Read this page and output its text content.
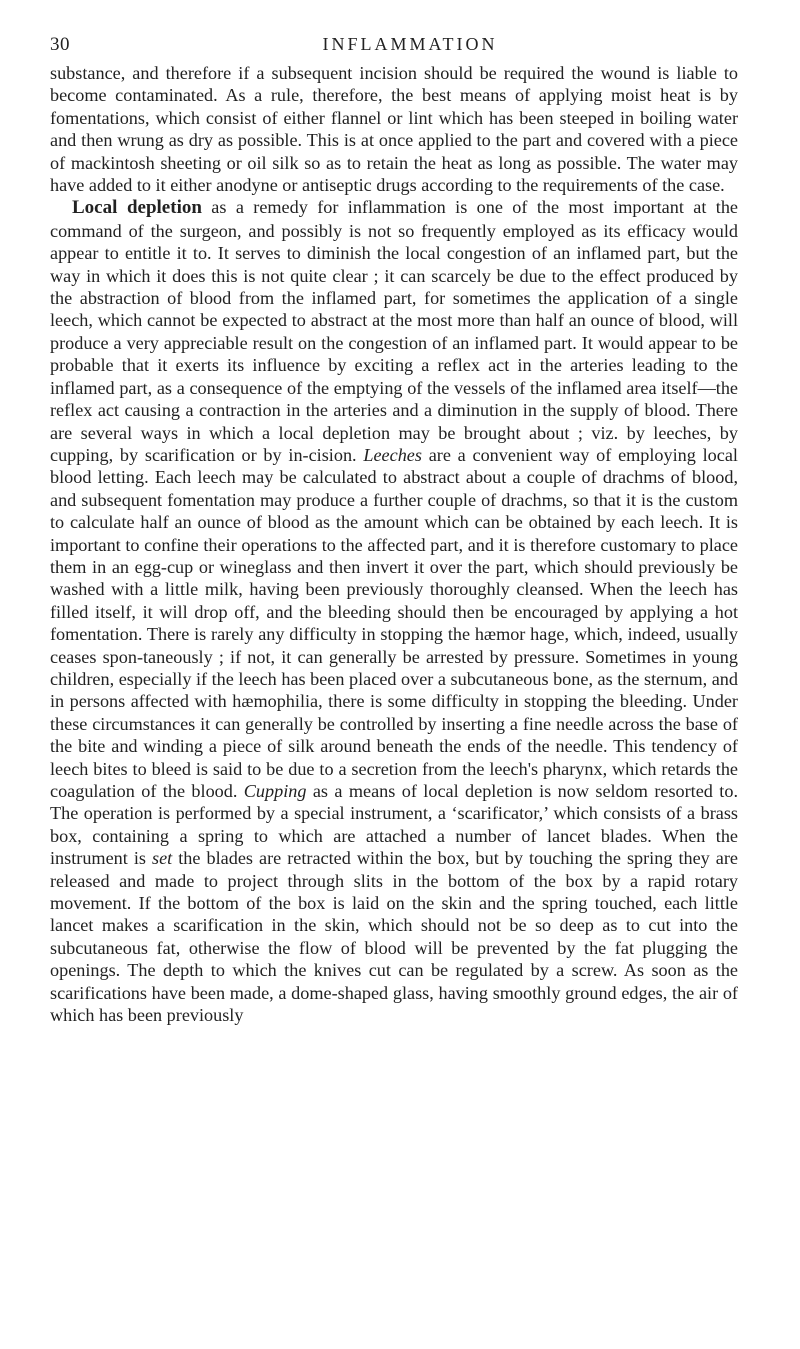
30	INFLAMMATION

substance, and therefore if a subsequent incision should be required the wound is liable to become contaminated. As a rule, therefore, the best means of applying moist heat is by fomentations, which consist of either flannel or lint which has been steeped in boiling water and then wrung as dry as possible. This is at once applied to the part and covered with a piece of mackintosh sheeting or oil silk so as to retain the heat as long as possible. The water may have added to it either anodyne or antiseptic drugs according to the requirements of the case.

Local depletion as a remedy for inflammation is one of the most important at the command of the surgeon, and possibly is not so frequently employed as its efficacy would appear to entitle it to. It serves to diminish the local congestion of an inflamed part, but the way in which it does this is not quite clear ; it can scarcely be due to the effect produced by the abstraction of blood from the inflamed part, for sometimes the application of a single leech, which cannot be expected to abstract at the most more than half an ounce of blood, will produce a very appreciable result on the congestion of an inflamed part. It would appear to be probable that it exerts its influence by exciting a reflex act in the arteries leading to the inflamed part, as a consequence of the emptying of the vessels of the inflamed area itself—the reflex act causing a contraction in the arteries and a diminution in the supply of blood. There are several ways in which a local depletion may be brought about ; viz. by leeches, by cupping, by scarification or by in-cision. Leeches are a convenient way of employing local blood letting. Each leech may be calculated to abstract about a couple of drachms of blood, and subsequent fomentation may produce a further couple of drachms, so that it is the custom to calculate half an ounce of blood as the amount which can be obtained by each leech. It is important to confine their operations to the affected part, and it is therefore customary to place them in an egg-cup or wineglass and then invert it over the part, which should previously be washed with a little milk, having been previously thoroughly cleansed. When the leech has filled itself, it will drop off, and the bleeding should then be encouraged by applying a hot fomentation. There is rarely any difficulty in stopping the hæmor hage, which, indeed, usually ceases spon-taneously ; if not, it can generally be arrested by pressure. Sometimes in young children, especially if the leech has been placed over a subcutaneous bone, as the sternum, and in persons affected with hæmophilia, there is some difficulty in stopping the bleeding. Under these circumstances it can generally be controlled by inserting a fine needle across the base of the bite and winding a piece of silk around beneath the ends of the needle. This tendency of leech bites to bleed is said to be due to a secretion from the leech's pharynx, which retards the coagulation of the blood. Cupping as a means of local depletion is now seldom resorted to. The operation is performed by a special instrument, a ‘scarificator,’ which consists of a brass box, containing a spring to which are attached a number of lancet blades. When the instrument is set the blades are retracted within the box, but by touching the spring they are released and made to project through slits in the bottom of the box by a rapid rotary movement. If the bottom of the box is laid on the skin and the spring touched, each little lancet makes a scarification in the skin, which should not be so deep as to cut into the subcutaneous fat, otherwise the flow of blood will be prevented by the fat plugging the openings. The depth to which the knives cut can be regulated by a screw. As soon as the scarifications have been made, a dome-shaped glass, having smoothly ground edges, the air of which has been previously
